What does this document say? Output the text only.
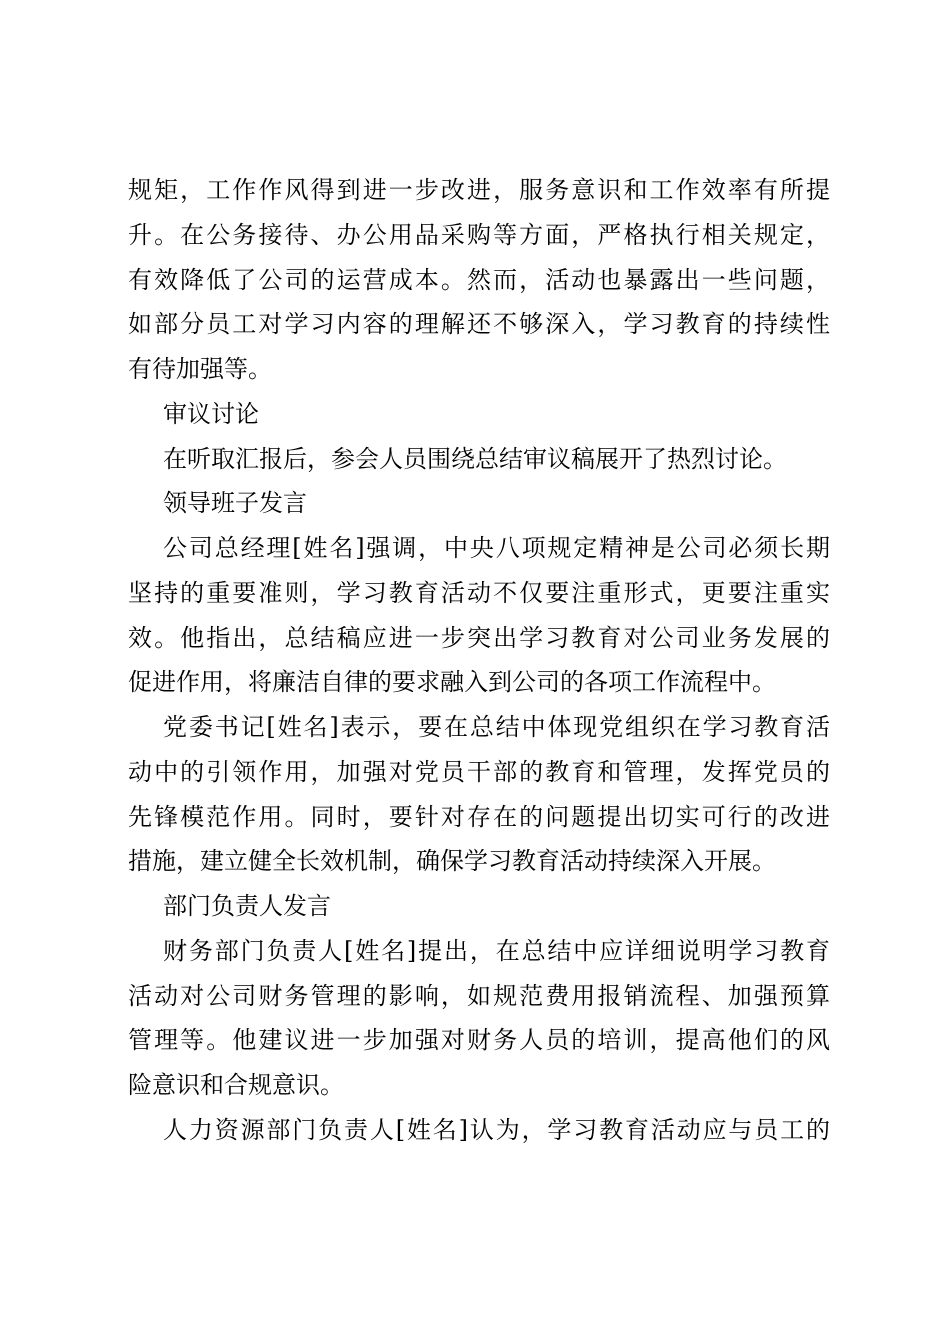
规矩，工作作风得到进一步改进，服务意识和工作效率有所提
升。在公务接待、办公用品采购等方面，严格执行相关规定，
有效降低了公司的运营成本。然而，活动也暴露出一些问题，
如部分员工对学习内容的理解还不够深入，学习教育的持续性
有待加强等。
审议讨论
在听取汇报后，参会人员围绕总结审议稿展开了热烈讨论。
领导班子发言
公司总经理[姓名]强调，中央八项规定精神是公司必须长期
坚持的重要准则，学习教育活动不仅要注重形式，更要注重实
效。他指出，总结稿应进一步突出学习教育对公司业务发展的
促进作用，将廉洁自律的要求融入到公司的各项工作流程中。
党委书记[姓名]表示，要在总结中体现党组织在学习教育活
动中的引领作用，加强对党员干部的教育和管理，发挥党员的
先锋模范作用。同时，要针对存在的问题提出切实可行的改进
措施，建立健全长效机制，确保学习教育活动持续深入开展。
部门负责人发言
财务部门负责人[姓名]提出，在总结中应详细说明学习教育
活动对公司财务管理的影响，如规范费用报销流程、加强预算
管理等。他建议进一步加强对财务人员的培训，提高他们的风
险意识和合规意识。
人力资源部门负责人[姓名]认为，学习教育活动应与员工的
